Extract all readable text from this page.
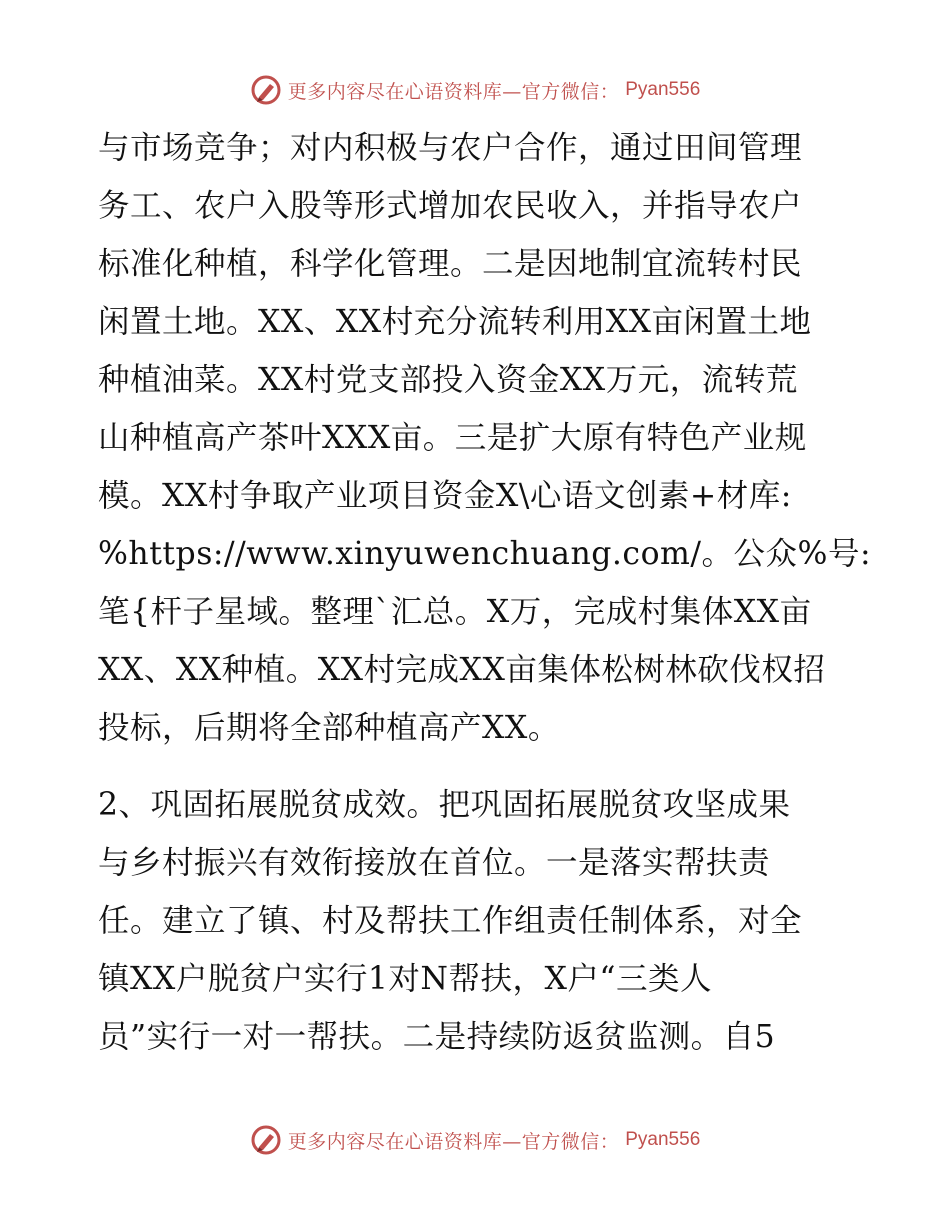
更多内容尽在心语资料库—官方微信： Pyan556
与市场竞争；对内积极与农户合作，通过田间管理
务工、农户入股等形式增加农民收入，并指导农户
标准化种植，科学化管理。二是因地制宜流转村民
闲置土地。XX、XX村充分流转利用XX亩闲置土地
种植油菜。XX村党支部投入资金XX万元，流转荒
山种植高产茶叶XXX亩。三是扩大原有特色产业规
模。XX村争取产业项目资金X\心语文创素+材库:
%https://www.xinyuwenchuang.com/。公众%号:
笔{杆子星域。整理`汇总。X万，完成村集体XX亩
XX、XX种植。XX村完成XX亩集体松树林砍伐权招
投标，后期将全部种植高产XX。
2、巩固拓展脱贫成效。把巩固拓展脱贫攻坚成果
与乡村振兴有效衔接放在首位。一是落实帮扶责
任。建立了镇、村及帮扶工作组责任制体系，对全
镇XX户脱贫户实行1对N帮扶，X户“三类人
员”实行一对一帮扶。二是持续防返贫监测。自5
更多内容尽在心语资料库—官方微信： Pyan556
